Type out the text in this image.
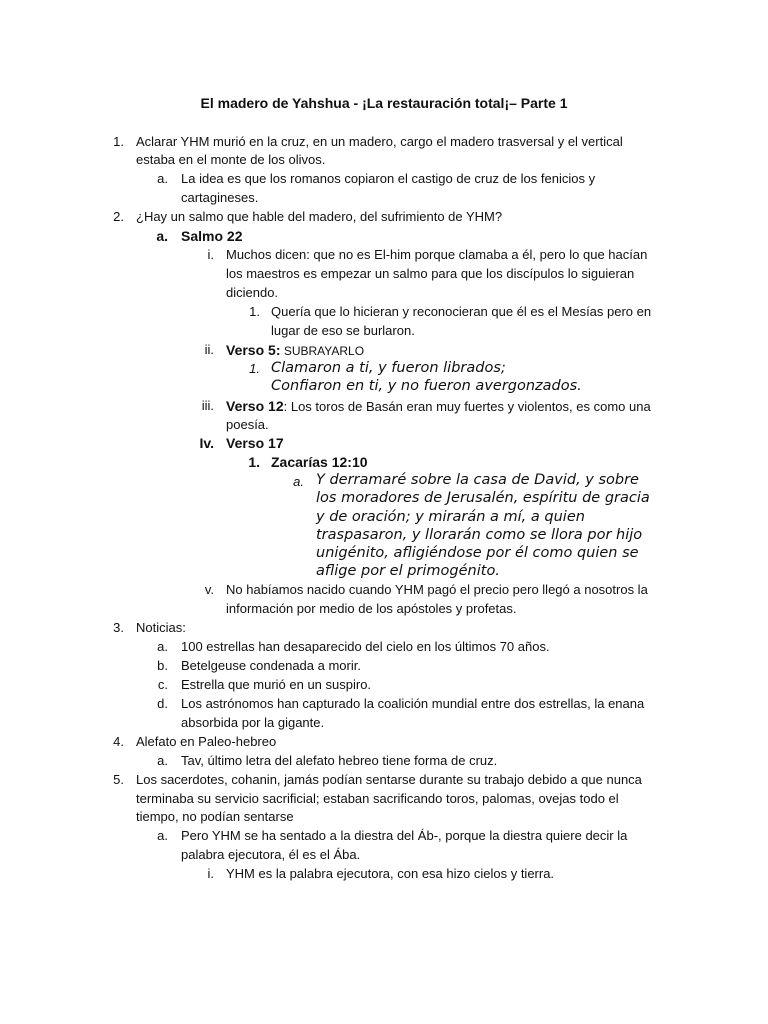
El madero de Yahshua - ¡La restauración total¡– Parte 1
1. Aclarar YHM murió en la cruz, en un madero, cargo el madero trasversal y el vertical
estaba en el monte de los olivos.
a. La idea es que los romanos copiaron el castigo de cruz de los fenicios y
cartagineses.
2. ¿Hay un salmo que hable del madero, del sufrimiento de YHM?
a. Salmo 22
i. Muchos dicen: que no es El-him porque clamaba a él, pero lo que hacían
los maestros es empezar un salmo para que los discípulos lo siguieran
diciendo.
1. Quería que lo hicieran y reconocieran que él es el Mesías pero en
lugar de eso se burlaron.
ii. Verso 5: SUBRAYARLO
1. Clamaron a ti, y fueron librados;
Confiaron en ti, y no fueron avergonzados.
iii. Verso 12: Los toros de Basán eran muy fuertes y violentos, es como una
poesía.
Iv. Verso 17
1. Zacarías 12:10
a. Y derramaré sobre la casa de David, y sobre
los moradores de Jerusalén, espíritu de gracia
y de oración; y mirarán a mí, a quien
traspasaron, y llorarán como se llora por hijo
unigénito, afligiéndose por él como quien se
aflige por el primogénito.
v. No habíamos nacido cuando YHM pagó el precio pero llegó a nosotros la
información por medio de los apóstoles y profetas.
3. Noticias:
a. 100 estrellas han desaparecido del cielo en los últimos 70 años.
b. Betelgeuse condenada a morir.
c. Estrella que murió en un suspiro.
d. Los astrónomos han capturado la coalición mundial entre dos estrellas, la enana
absorbida por la gigante.
4. Alefato en Paleo-hebreo
a. Tav, último letra del alefato hebreo tiene forma de cruz.
5. Los sacerdotes, cohanin, jamás podían sentarse durante su trabajo debido a que nunca
terminaba su servicio sacrificial; estaban sacrificando toros, palomas, ovejas todo el
tiempo, no podían sentarse
a. Pero YHM se ha sentado a la diestra del Áb-, porque la diestra quiere decir la
palabra ejecutora, él es el Ába.
i. YHM es la palabra ejecutora, con esa hizo cielos y tierra.
